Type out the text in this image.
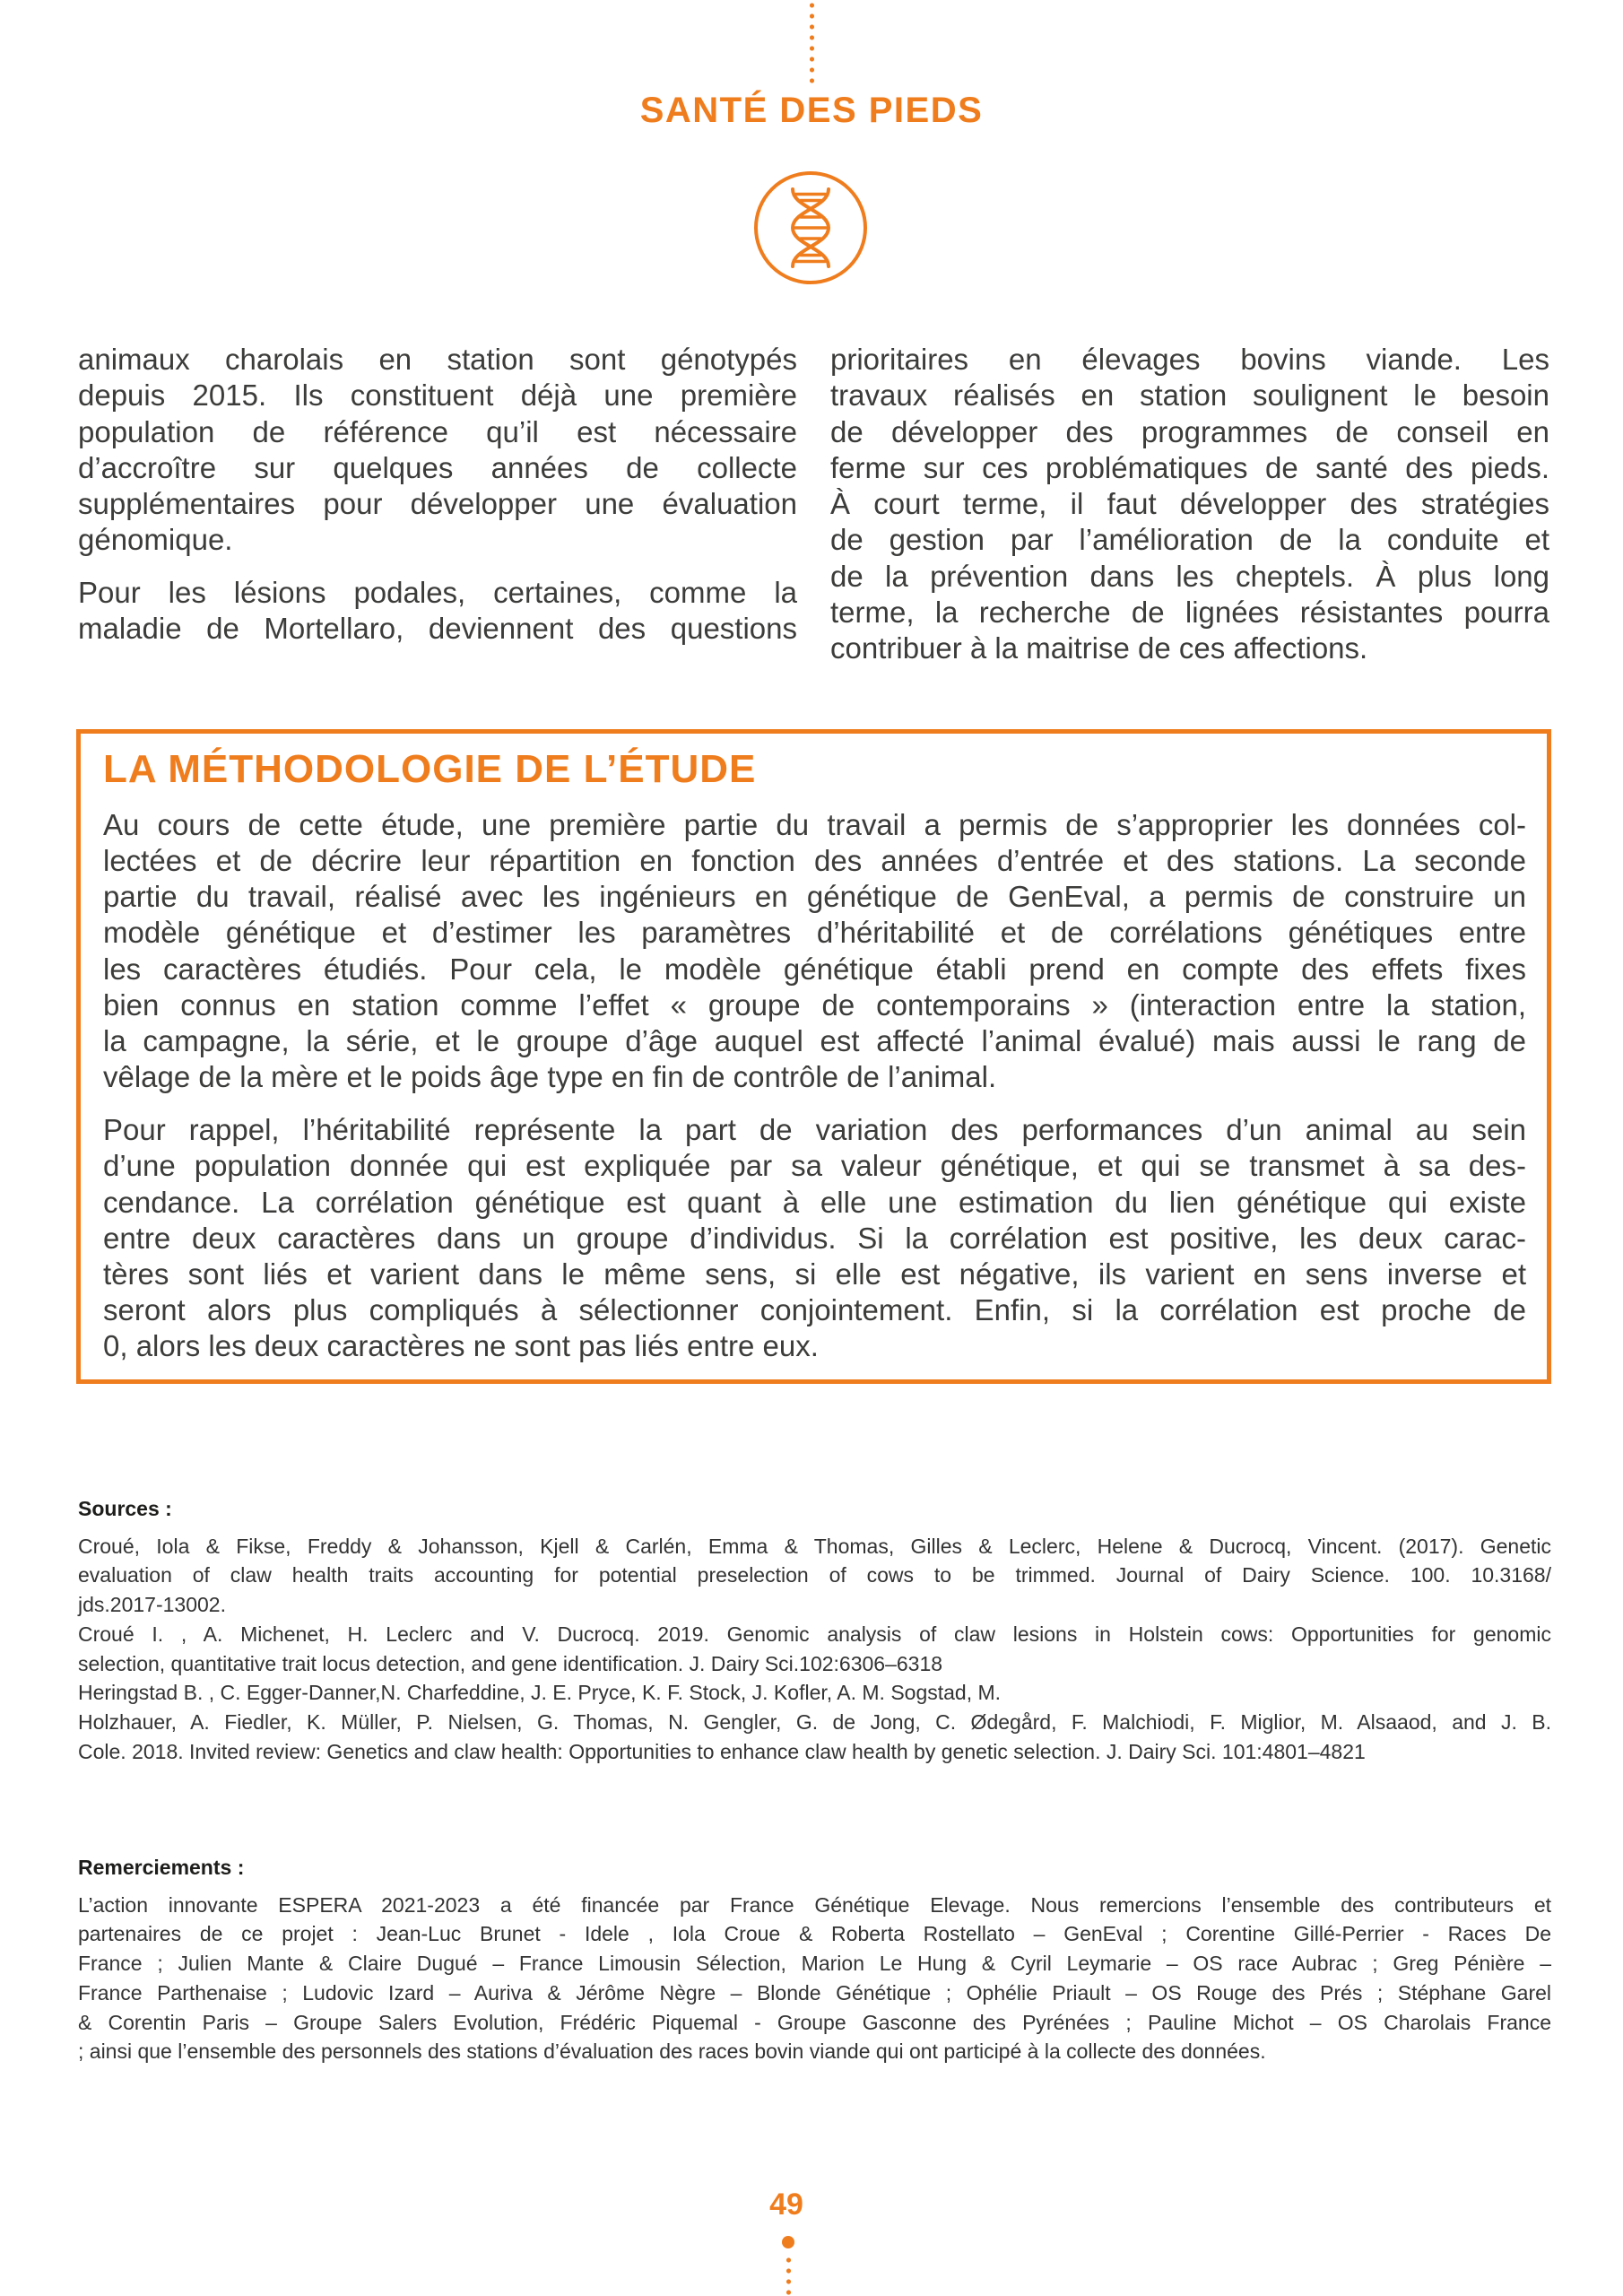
SANTÉ DES PIEDS
animaux charolais en station sont génotypés
depuis 2015. Ils constituent déjà une première
population de référence qu’il est nécessaire
d’accroître sur quelques années de collecte
supplémentaires pour développer une évaluation
génomique.
Pour les lésions podales, certaines, comme la
maladie de Mortellaro, deviennent des questions
prioritaires en élevages bovins viande. Les
travaux réalisés en station soulignent le besoin
de développer des programmes de conseil en
ferme sur ces problématiques de santé des pieds.
À court terme, il faut développer des stratégies
de gestion par l’amélioration de la conduite et
de la prévention dans les cheptels. À plus long
terme, la recherche de lignées résistantes pourra
contribuer à la maitrise de ces affections.
LA MÉTHODOLOGIE DE L’ÉTUDE
Au cours de cette étude, une première partie du travail a permis de s’approprier les données col-
lectées et de décrire leur répartition en fonction des années d’entrée et des stations. La seconde
partie du travail, réalisé avec les ingénieurs en génétique de GenEval, a permis de construire un
modèle génétique et d’estimer les paramètres d’héritabilité et de corrélations génétiques entre
les caractères étudiés. Pour cela, le modèle génétique établi prend en compte des effets fixes
bien connus en station comme l’effet « groupe de contemporains » (interaction entre la station,
la campagne, la série, et le groupe d’âge auquel est affecté l’animal évalué) mais aussi le rang de
vêlage de la mère et le poids âge type en fin de contrôle de l’animal.
Pour rappel, l’héritabilité représente la part de variation des performances d’un animal au sein
d’une population donnée qui est expliquée par sa valeur génétique, et qui se transmet à sa des-
cendance. La corrélation génétique est quant à elle une estimation du lien génétique qui existe
entre deux caractères dans un groupe d’individus. Si la corrélation est positive, les deux carac-
tères sont liés et varient dans le même sens, si elle est négative, ils varient en sens inverse et
seront alors plus compliqués à sélectionner conjointement. Enfin, si la corrélation est proche de
0, alors les deux caractères ne sont pas liés entre eux.
Sources :
Croué, Iola & Fikse, Freddy & Johansson, Kjell & Carlén, Emma & Thomas, Gilles & Leclerc, Helene & Ducrocq, Vincent. (2017). Genetic
evaluation of claw health traits accounting for potential preselection of cows to be trimmed. Journal of Dairy Science. 100. 10.3168/
jds.2017-13002.
Croué I. , A. Michenet, H. Leclerc and V. Ducrocq. 2019. Genomic analysis of claw lesions in Holstein cows: Opportunities for genomic
selection, quantitative trait locus detection, and gene identification. J. Dairy Sci.102:6306–6318
Heringstad B. , C. Egger-Danner,N. Charfeddine, J. E. Pryce, K. F. Stock, J. Kofler, A. M. Sogstad, M.
Holzhauer, A. Fiedler, K. Müller, P. Nielsen, G. Thomas, N. Gengler, G. de Jong, C. Ødegård, F. Malchiodi, F. Miglior, M. Alsaaod, and J. B.
Cole. 2018. Invited review: Genetics and claw health: Opportunities to enhance claw health by genetic selection. J. Dairy Sci. 101:4801–4821
Remerciements :
L’action innovante ESPERA 2021-2023 a été financée par France Génétique Elevage. Nous remercions l’ensemble des contributeurs et
partenaires de ce projet : Jean-Luc Brunet - Idele , Iola Croue & Roberta Rostellato – GenEval ; Corentine Gillé-Perrier - Races De
France ; Julien Mante & Claire Dugué – France Limousin Sélection, Marion Le Hung & Cyril Leymarie – OS race Aubrac ; Greg Pénière –
France Parthenaise ; Ludovic Izard – Auriva & Jérôme Nègre – Blonde Génétique ; Ophélie Priault – OS Rouge des Prés ; Stéphane Garel
& Corentin Paris – Groupe Salers Evolution, Frédéric Piquemal - Groupe Gasconne des Pyrénées ; Pauline Michot – OS Charolais France
; ainsi que l’ensemble des personnels des stations d’évaluation des races bovin viande qui ont participé à la collecte des données.
49
